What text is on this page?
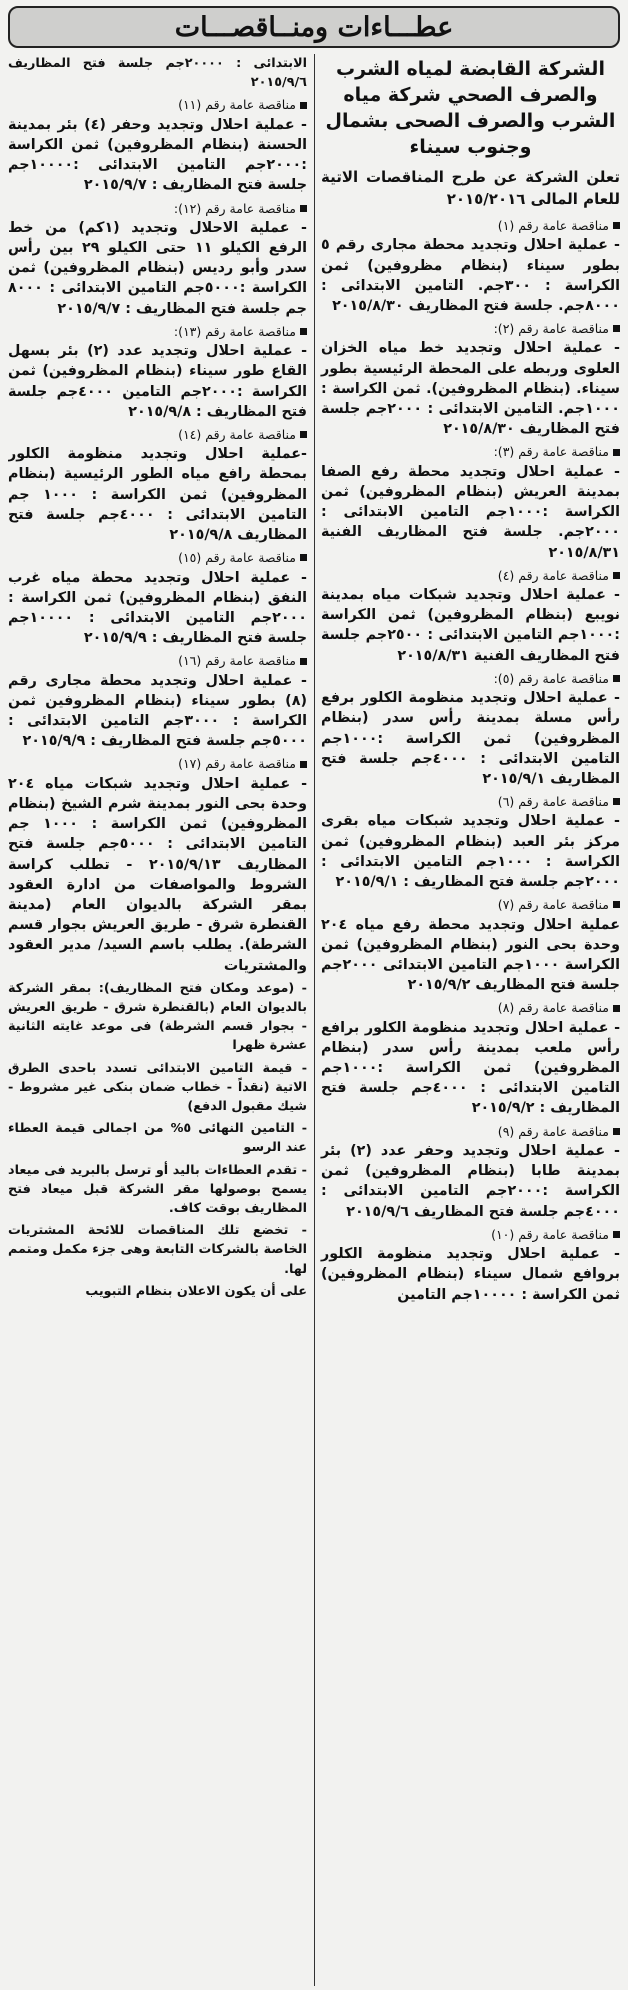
عطـــاءات ومنــاقصـــات
الشركة القابضة لمياه الشرب والصرف الصحي شركة مياه الشرب والصرف الصحى بشمال وجنوب سيناء
تعلن الشركة عن طرح المناقصات الاتية للعام المالى ٢٠١٥/٢٠١٦
مناقصة عامة رقم (١)
- عملية احلال وتجديد محطة مجارى رقم ٥ بطور سيناء (بنظام مظروفين) ثمن الكراسة : ٣٠٠جم. التامين الابتدائى : ٨٠٠٠جم. جلسة فتح المظاريف ٢٠١٥/٨/٣٠
مناقصة عامة رقم (٢):
- عملية احلال وتجديد خط مياه الخزان العلوى وربطه على المحطة الرئيسية بطور سيناء. (بنظام المظروفين). ثمن الكراسة : ١٠٠٠جم. التامين الابتدائى : ٢٠٠٠جم جلسة فتح المظاريف ٢٠١٥/٨/٣٠
مناقصة عامة رقم (٣):
- عملية احلال وتجديد محطة رفع الصفا بمدينة العريش (بنظام المظروفين) ثمن الكراسة :١٠٠٠جم التامين الابتدائى : ٢٠٠٠جم. جلسة فتح المظاريف الفنية ٢٠١٥/٨/٣١
مناقصة عامة رقم (٤)
- عملية احلال وتجديد شبكات مياه بمدينة نويبع (بنظام المظروفين) ثمن الكراسة :١٠٠٠جم التامين الابتدائى : ٢٥٠٠جم جلسة فتح المظاريف الفنية ٢٠١٥/٨/٣١
مناقصة عامة رقم (٥):
- عملية احلال وتجديد منظومة الكلور برفع رأس مسلة بمدينة رأس سدر (بنظام المظروفين) ثمن الكراسة :١٠٠٠جم التامين الابتدائى : ٤٠٠٠جم جلسة فتح المظاريف ٢٠١٥/٩/١
مناقصة عامة رقم (٦)
- عملية احلال وتجديد شبكات مياه بقرى مركز بئر العبد (بنظام المظروفين) ثمن الكراسة : ١٠٠٠جم التامين الابتدائى : ٢٠٠٠جم جلسة فتح المظاريف : ٢٠١٥/٩/١
مناقصة عامة رقم (٧)
عملية احلال وتجديد محطة رفع مياه ٢٠٤ وحدة بحى النور (بنظام المظروفين) ثمن الكراسة ١٠٠٠جم التامين الابتدائى ٢٠٠٠جم جلسة فتح المظاريف ٢٠١٥/٩/٢
مناقصة عامة رقم (٨)
- عملية احلال وتجديد منظومة الكلور برافع رأس ملعب بمدينة رأس سدر (بنظام المظروفين) ثمن الكراسة :١٠٠٠جم التامين الابتدائى : ٤٠٠٠جم جلسة فتح المظاريف : ٢٠١٥/٩/٢
مناقصة عامة رقم (٩)
- عملية احلال وتجديد وحفر عدد (٢) بئر بمدينة طابا (بنظام المظروفين) ثمن الكراسة :٢٠٠٠جم التامين الابتدائى : ٤٠٠٠جم جلسة فتح المظاريف ٢٠١٥/٩/٦
مناقصة عامة رقم (١٠)
- عملية احلال وتجديد منظومة الكلور بروافع شمال سيناء (بنظام المظروفين) ثمن الكراسة : ١٠٠٠٠جم التامين
الابتدائى : ٢٠٠٠٠جم جلسة فتح المظاريف ٢٠١٥/٩/٦
مناقصة عامة رقم (١١)
- عملية احلال وتجديد وحفر (٤) بئر بمدينة الحسنة (بنظام المظروفين) ثمن الكراسة :٢٠٠٠جم التامين الابتدائى :١٠٠٠٠جم جلسة فتح المظاريف : ٢٠١٥/٩/٧
مناقصة عامة رقم (١٢):
- عملية الاحلال وتجديد (١كم) من خط الرفع الكيلو ١١ حتى الكيلو ٢٩ بين رأس سدر وأبو رديس (بنظام المظروفين) ثمن الكراسة :٥٠٠٠جم التامين الابتدائى : ٨٠٠٠ جم جلسة فتح المظاريف : ٢٠١٥/٩/٧
مناقصة عامة رقم (١٣):
- عملية احلال وتجديد عدد (٢) بئر بسهل القاع طور سيناء (بنظام المظروفين) ثمن الكراسة :٢٠٠٠جم التامين ٤٠٠٠جم جلسة فتح المظاريف : ٢٠١٥/٩/٨
مناقصة عامة رقم (١٤)
-عملية احلال وتجديد منظومة الكلور بمحطة رافع مياه الطور الرئيسية (بنظام المظروفين) ثمن الكراسة : ١٠٠٠ جم التامين الابتدائى : ٤٠٠٠جم جلسة فتح المظاريف ٢٠١٥/٩/٨
مناقصة عامة رقم (١٥)
- عملية احلال وتجديد محطة مياه غرب النفق (بنظام المظروفين) ثمن الكراسة : ٢٠٠٠جم التامين الابتدائى : ١٠٠٠٠جم جلسة فتح المظاريف : ٢٠١٥/٩/٩
مناقصة عامة رقم (١٦)
- عملية احلال وتجديد محطة مجارى رقم (٨) بطور سيناء (بنظام المظروفين ثمن الكراسة : ٣٠٠٠جم التامين الابتدائى : ٥٠٠٠جم جلسة فتح المظاريف : ٢٠١٥/٩/٩
مناقصة عامة رقم (١٧)
- عملية احلال وتجديد شبكات مياه ٢٠٤ وحدة بحى النور بمدينة شرم الشيخ (بنظام المظروفين) ثمن الكراسة : ١٠٠٠ جم التامين الابتدائى : ٥٠٠٠جم جلسة فتح المظاريف ٢٠١٥/٩/١٣ - تطلب كراسة الشروط والمواصفات من ادارة العقود بمقر الشركة بالديوان العام (مدينة القنطرة شرق - طريق العريش بجوار قسم الشرطة). يطلب باسم السيد/ مدير العقود والمشتريات
- (موعد ومكان فتح المظاريف): بمقر الشركة بالديوان العام (بالقنطرة شرق - طريق العريش - بجوار قسم الشرطة) فى موعد غايته الثانية عشرة ظهرا
- قيمة التامين الابتدائى تسدد باحدى الطرق الاتية (نقداً - خطاب ضمان بنكى غير مشروط - شيك مقبول الدفع)
- التامين النهائى ٥% من اجمالى قيمة العطاء عند الرسو
- تقدم العطاءات باليد أو ترسل بالبريد فى ميعاد يسمح بوصولها مقر الشركة قبل ميعاد فتح المظاريف بوقت كاف.
- تخضع تلك المناقصات للائحة المشتريات الخاصة بالشركات التابعة وهى جزء مكمل ومتمم لها.
على أن يكون الاعلان بنظام التبويب
